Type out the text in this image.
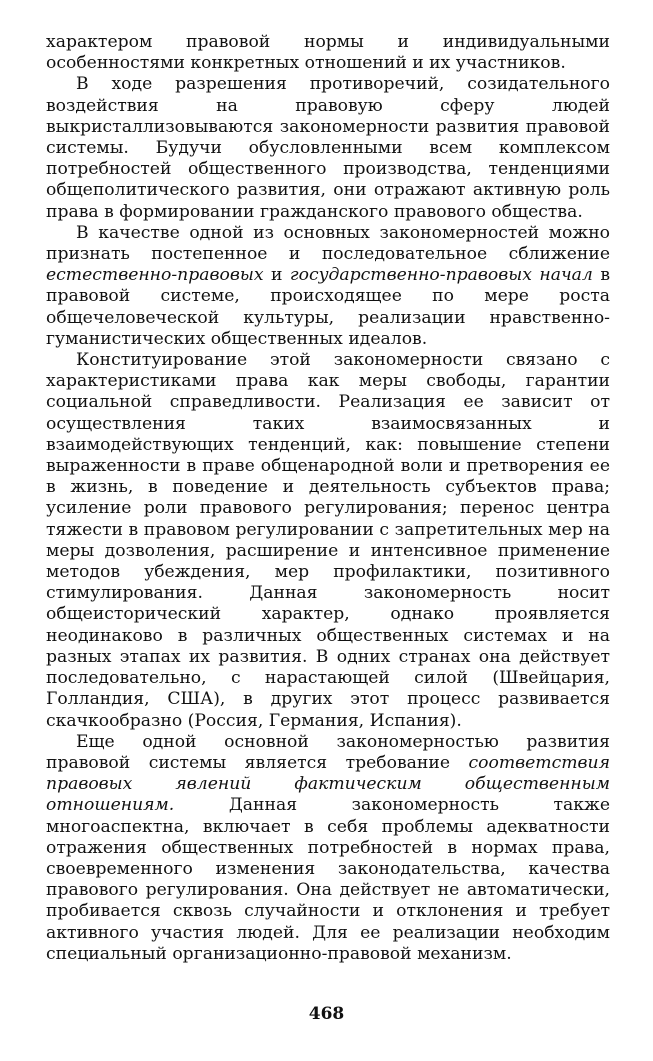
характером правовой нормы и индивидуальными особенностями конкретных отношений и их участников.

В ходе разрешения противоречий, созидательного воздействия на правовую сферу людей выкристаллизовываются закономерности развития правовой системы. Будучи обусловленными всем комплексом потребностей общественного производства, тенденциями общеполитического развития, они отражают активную роль права в формировании гражданского правового общества.

В качестве одной из основных закономерностей можно признать постепенное и последовательное сближение естественно-правовых и государственно-правовых начал в правовой системе, происходящее по мере роста общечеловеческой культуры, реализации нравственно-гуманистических общественных идеалов.

Конституирование этой закономерности связано с характеристиками права как меры свободы, гарантии социальной справедливости. Реализация ее зависит от осуществления таких взаимосвязанных и взаимодействующих тенденций, как: повышение степени выраженности в праве общенародной воли и претворения ее в жизнь, в поведение и деятельность субъектов права; усиление роли правового регулирования; перенос центра тяжести в правовом регулировании с запретительных мер на меры дозволения, расширение и интенсивное применение методов убеждения, мер профилактики, позитивного стимулирования. Данная закономерность носит общеисторический характер, однако проявляется неодинаково в различных общественных системах и на разных этапах их развития. В одних странах она действует последовательно, с нарастающей силой (Швейцария, Голландия, США), в других этот процесс развивается скачкообразно (Россия, Германия, Испания).

Еще одной основной закономерностью развития правовой системы является требование соответствия правовых явлений фактическим общественным отношениям. Данная закономерность также многоаспектна, включает в себя проблемы адекватности отражения общественных потребностей в нормах права, своевременного изменения законодательства, качества правового регулирования. Она действует не автоматически, пробивается сквозь случайности и отклонения и требует активного участия людей. Для ее реализации необходим специальный организационно-правовой механизм.

468
